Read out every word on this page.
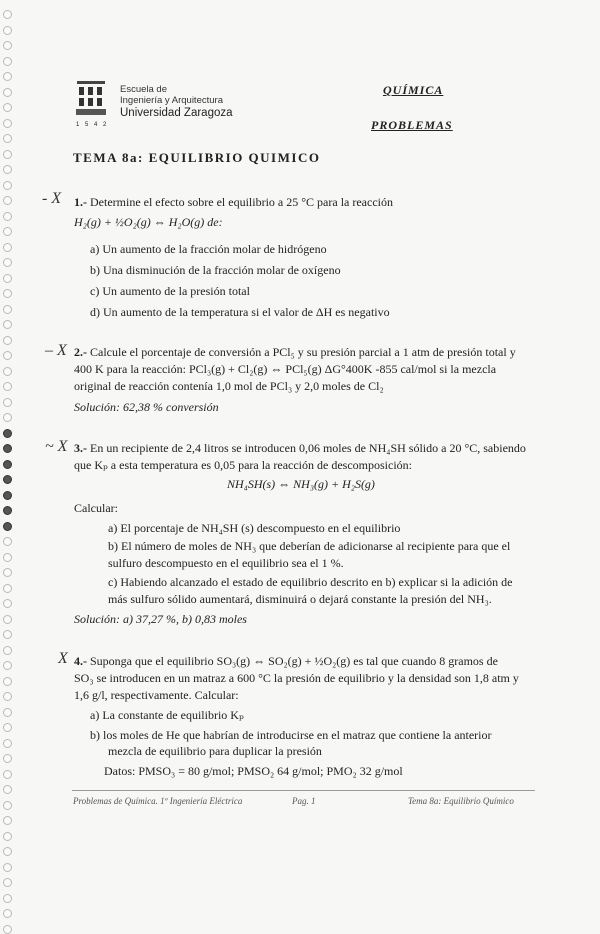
1 5 4 2
Escuela de
Ingeniería y Arquitectura
Universidad Zaragoza
QUÍMICA
PROBLEMAS
TEMA 8a: EQUILIBRIO QUIMICO
- X 1.- Determine el efecto sobre el equilibrio a 25 °C para la reacción
H₂(g) + ½O₂(g) ⇔ H₂O(g) de:
a) Un aumento de la fracción molar de hidrógeno
b) Una disminución de la fracción molar de oxígeno
c) Un aumento de la presión total
d) Un aumento de la temperatura si el valor de ΔH es negativo
– X 2.- Calcule el porcentaje de conversión a PCl₅ y su presión parcial a 1 atm de presión total y
400 K para la reacción: PCl₃(g) + Cl₂(g) ⇔ PCl₅(g) ΔG°400K -855 cal/mol si la mezcla
original de reacción contenía 1,0 mol de PCl₃ y 2,0 moles de Cl₂
Solución: 62,38 % conversión
~ X 3.- En un recipiente de 2,4 litros se introducen 0,06 moles de NH₄SH sólido a 20 °C, sabiendo
que Kₚ a esta temperatura es 0,05 para la reacción de descomposición:
NH₄SH(s) ⇔ NH₃(g) + H₂S(g)
Calcular:
a) El porcentaje de NH₄SH (s) descompuesto en el equilibrio
b) El número de moles de NH₃ que deberían de adicionarse al recipiente para que el
sulfuro descompuesto en el equilibrio sea el 1 %.
c) Habiendo alcanzado el estado de equilibrio descrito en b) explicar si la adición de
más sulfuro sólido aumentará, disminuirá o dejará constante la presión del NH₃.
Solución: a) 37,27 %, b) 0,83 moles
X 4.- Suponga que el equilibrio SO₃(g) ⇔ SO₂(g) + ½O₂(g) es tal que cuando 8 gramos de
SO₃ se introducen en un matraz a 600 °C la presión de equilibrio y la densidad son 1,8 atm y
1,6 g/l, respectivamente. Calcular:
a) La constante de equilibrio Kₚ
b) los moles de He que habrían de introducirse en el matraz que contiene la anterior
mezcla de equilibrio para duplicar la presión
Datos: PMSO₃ = 80 g/mol; PMSO₂ 64 g/mol; PMO₂ 32 g/mol
Problemas de Química. 1º Ingeniería Eléctrica	Pag. 1	Tema 8a: Equilibrio Químico
